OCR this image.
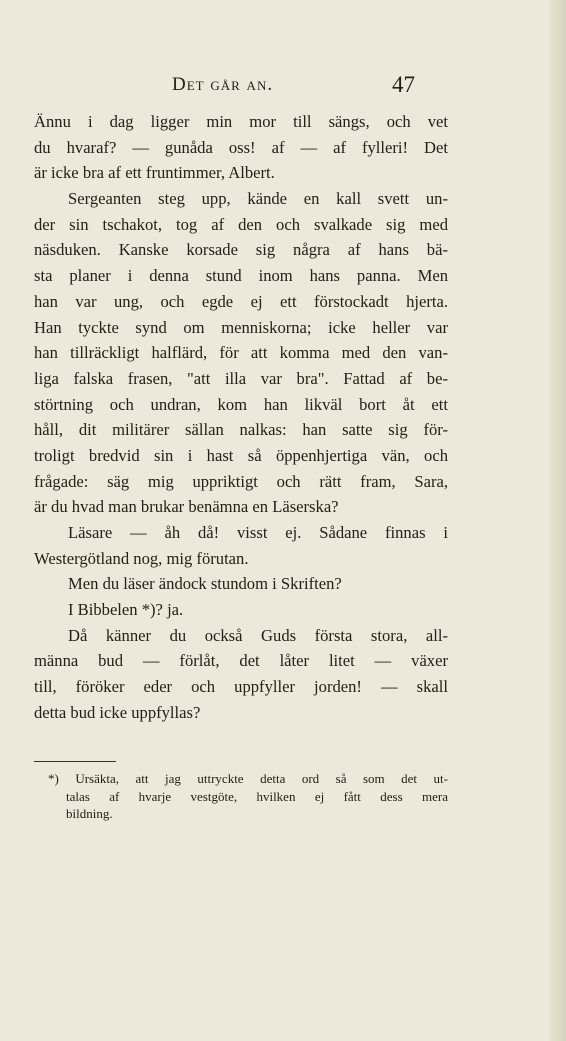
Det går an.	47
Ännu i dag ligger min mor till sängs, och vet
du hvaraf? — gunåda oss! af — af fylleri! Det
är icke bra af ett fruntimmer, Albert.
Sergeanten steg upp, kände en kall svett un-
der sin tschakot, tog af den och svalkade sig med
näsduken. Kanske korsade sig några af hans bä-
sta planer i denna stund inom hans panna. Men
han var ung, och egde ej ett förstockadt hjerta.
Han tyckte synd om menniskorna; icke heller var
han tillräckligt halflärd, för att komma med den van-
liga falska frasen, "att illa var bra". Fattad af be-
störtning och undran, kom han likväl bort åt ett
håll, dit militärer sällan nalkas: han satte sig för-
troligt bredvid sin i hast så öppenhjertiga vän, och
frågade: säg mig uppriktigt och rätt fram, Sara,
är du hvad man brukar benämna en Läserska?
Läsare — åh då! visst ej. Sådane finnas i
Westergötland nog, mig förutan.
Men du läser ändock stundom i Skriften?
I Bibbelen *)? ja.
Då känner du också Guds första stora, all-
männa bud — förlåt, det låter litet — växer
till, föröker eder och uppfyller jorden! — skall
detta bud icke uppfyllas?
*) Ursäkta, att jag uttryckte detta ord så som det ut-
talas af hvarje vestgöte, hvilken ej fått dess mera
bildning.
